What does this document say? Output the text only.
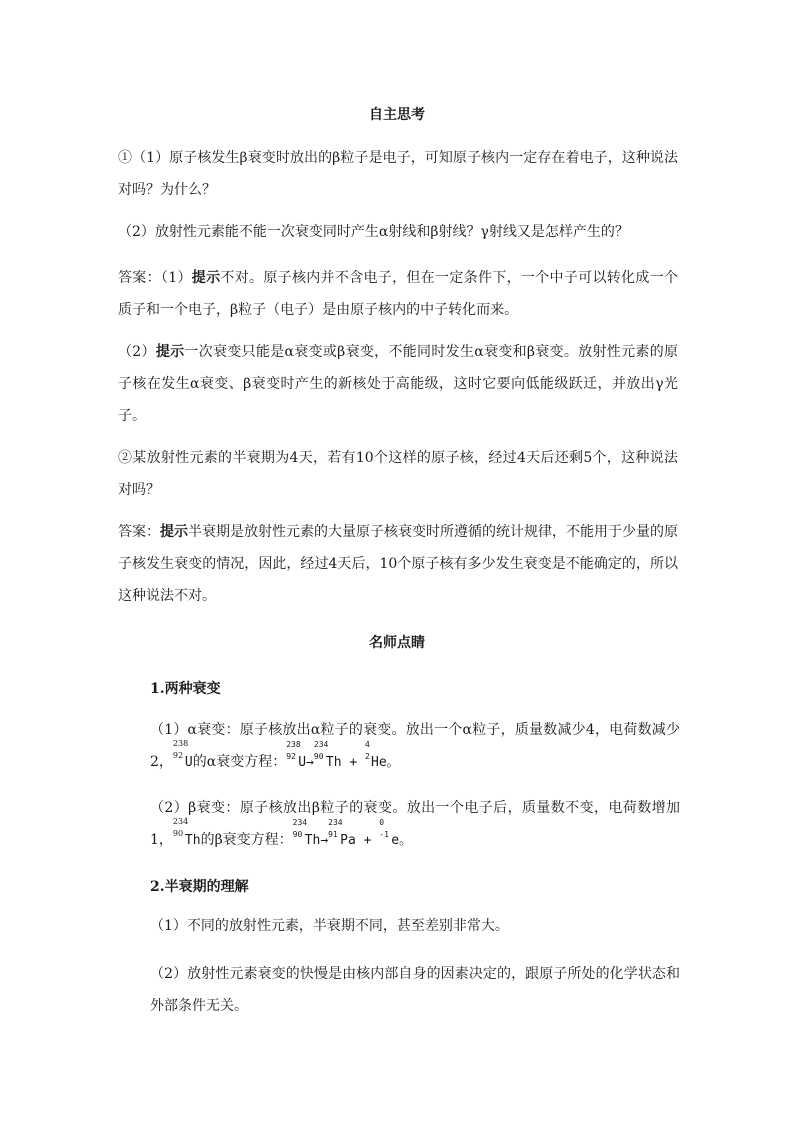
自主思考
①（1）原子核发生β衰变时放出的β粒子是电子，可知原子核内一定存在着电子，这种说法对吗？为什么？
（2）放射性元素能不能一次衰变同时产生α射线和β射线？γ射线又是怎样产生的？
答案：（1）提示不对。原子核内并不含电子，但在一定条件下，一个中子可以转化成一个质子和一个电子，β粒子（电子）是由原子核内的中子转化而来。
（2）提示一次衰变只能是α衰变或β衰变，不能同时发生α衰变和β衰变。放射性元素的原子核在发生α衰变、β衰变时产生的新核处于高能级，这时它要向低能级跃迁，并放出γ光子。
②某放射性元素的半衰期为4天，若有10个这样的原子核，经过4天后还剩5个，这种说法对吗？
答案：提示半衰期是放射性元素的大量原子核衰变时所遵循的统计规律，不能用于少量的原子核发生衰变的情况，因此，经过4天后，10个原子核有多少发生衰变是不能确定的，所以这种说法不对。
名师点睛
1.两种衰变
（1）α衰变：原子核放出α粒子的衰变。放出一个α粒子，质量数减少4，电荷数减少2，
238
92 U的α衰变方程：
238
92 U→
234
90 Th +
4
2 He。
（2）β衰变：原子核放出β粒子的衰变。放出一个电子后，质量数不变，电荷数增加1，
234
90 Th的β衰变方程：
234
90 Th→
234
91 Pa +
0
-1 e。
2.半衰期的理解
（1）不同的放射性元素，半衰期不同，甚至差别非常大。
（2）放射性元素衰变的快慢是由核内部自身的因素决定的，跟原子所处的化学状态和外部条件无关。
